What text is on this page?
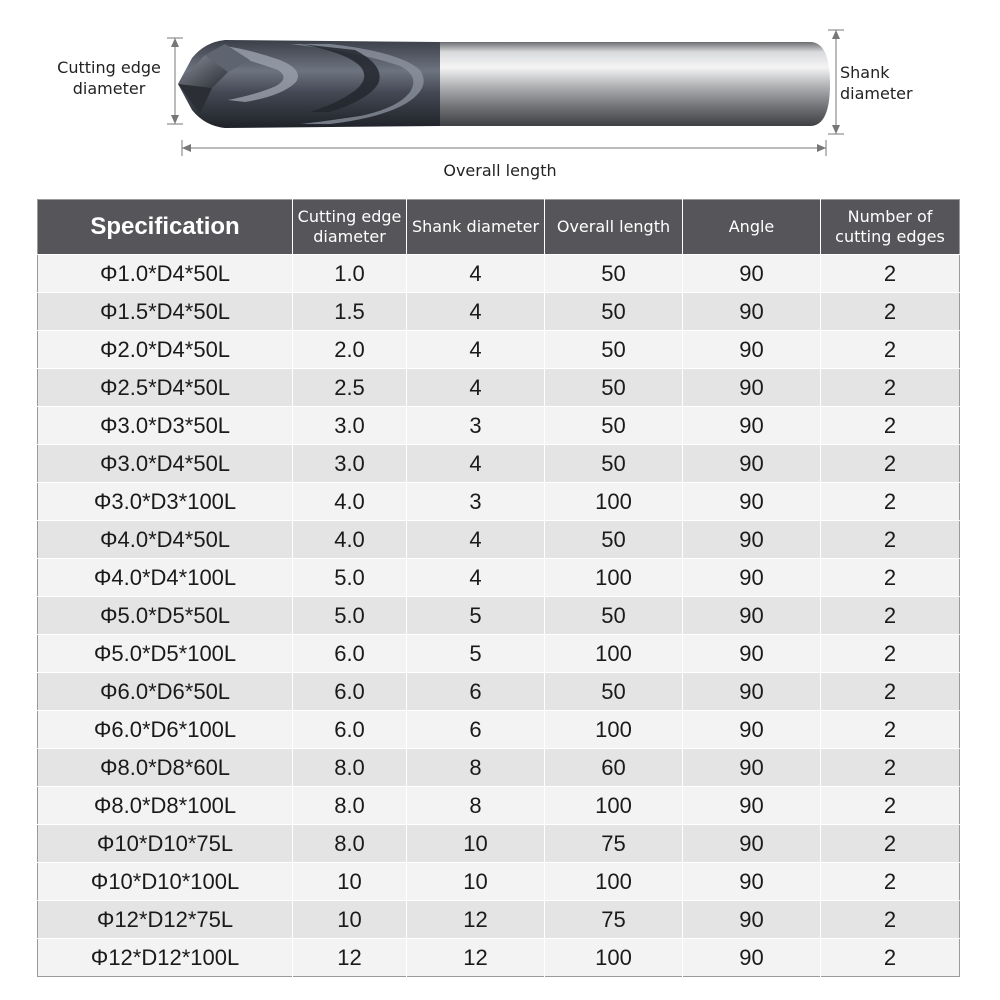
Cutting edge
diameter
Shank
diameter
Overall length
Specification	Cutting edge diameter	Shank diameter	Overall length	Angle	Number of cutting edges
Φ1.0*D4*50L	1.0	4	50	90	2
Φ1.5*D4*50L	1.5	4	50	90	2
Φ2.0*D4*50L	2.0	4	50	90	2
Φ2.5*D4*50L	2.5	4	50	90	2
Φ3.0*D3*50L	3.0	3	50	90	2
Φ3.0*D4*50L	3.0	4	50	90	2
Φ3.0*D3*100L	4.0	3	100	90	2
Φ4.0*D4*50L	4.0	4	50	90	2
Φ4.0*D4*100L	5.0	4	100	90	2
Φ5.0*D5*50L	5.0	5	50	90	2
Φ5.0*D5*100L	6.0	5	100	90	2
Φ6.0*D6*50L	6.0	6	50	90	2
Φ6.0*D6*100L	6.0	6	100	90	2
Φ8.0*D8*60L	8.0	8	60	90	2
Φ8.0*D8*100L	8.0	8	100	90	2
Φ10*D10*75L	8.0	10	75	90	2
Φ10*D10*100L	10	10	100	90	2
Φ12*D12*75L	10	12	75	90	2
Φ12*D12*100L	12	12	100	90	2
